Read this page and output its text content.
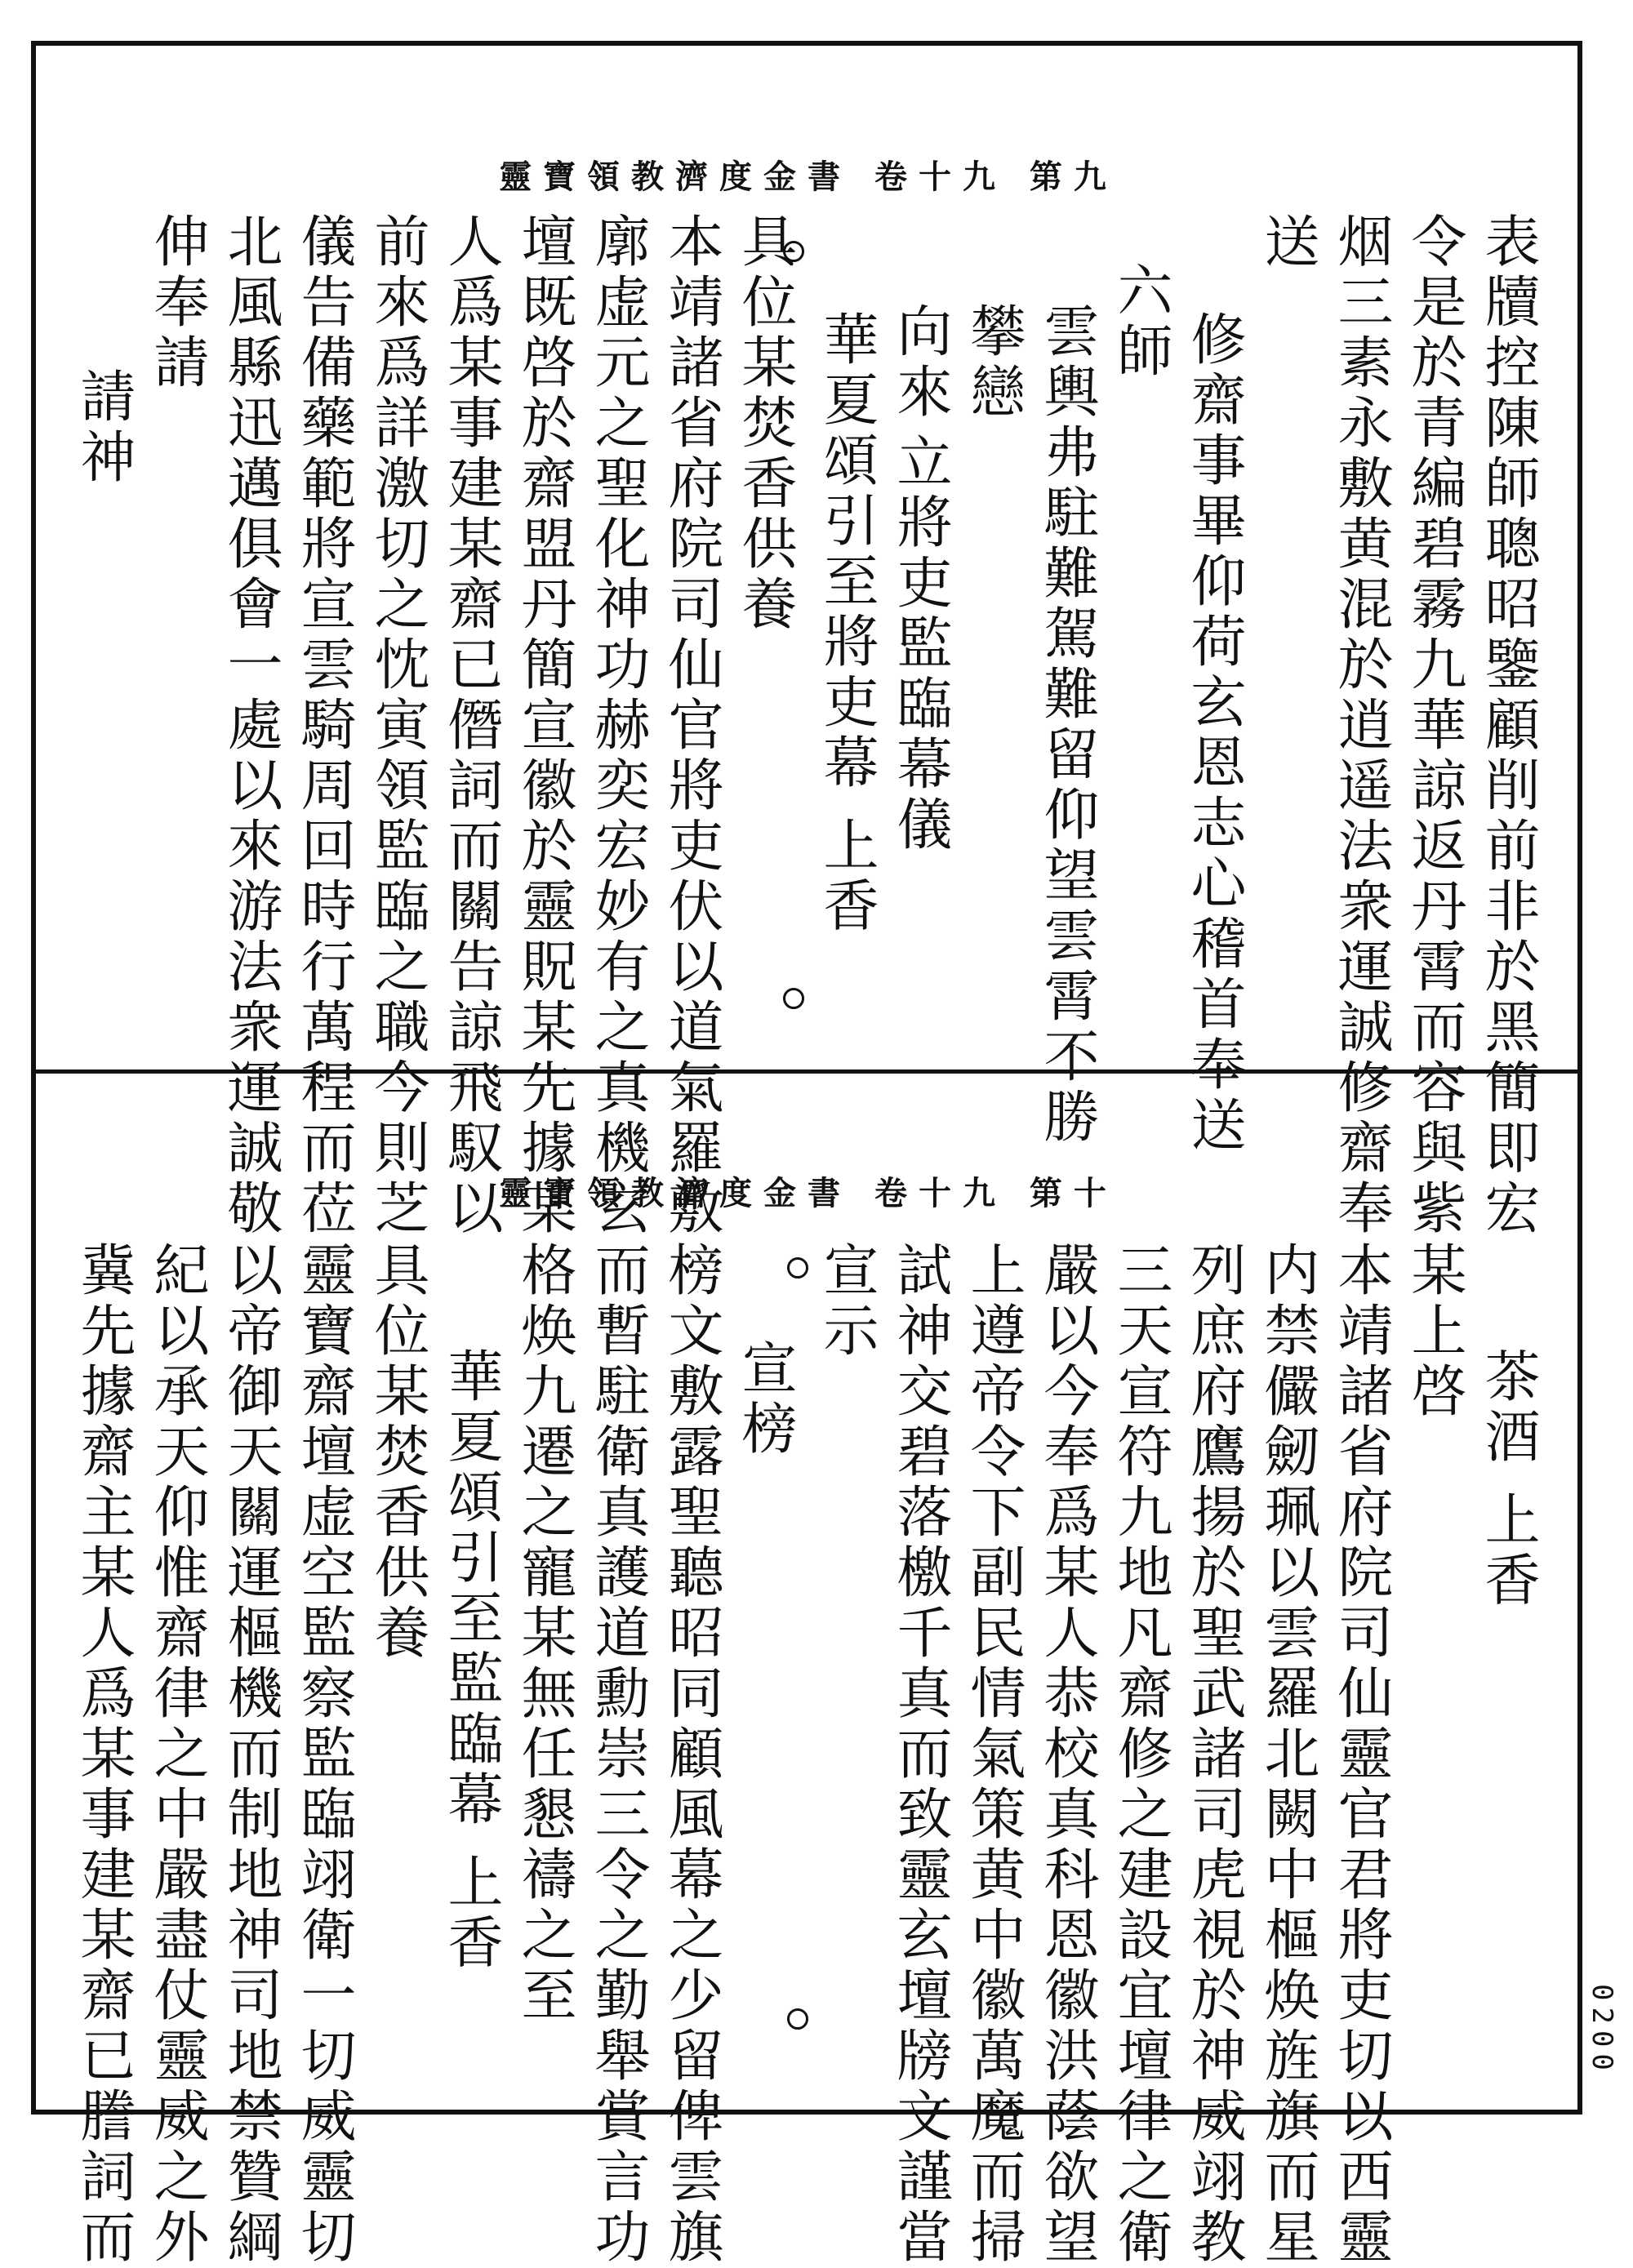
靈寶領教濟度金書 卷十九 第九
表牘控陳師聰昭鑒顧削前非於黑簡即宏
令是於青編碧霧九華諒返丹霄而容與紫
烟三素永敷黄混於逍遥法衆運誠修齋奉
送
修齋事畢仰荷玄恩志心稽首奉送
六師
雲輿弗駐難駕難留仰望雲霄不勝
攀戀
向來
立將吏監臨幕儀
華夏頌引至將吏幕 上香
具位某焚香供養
本靖諸省府院司仙官將吏伏以道氣羅敷
廓虚元之聖化神功赫奕宏妙有之真機玄
壇既啓於齋盟丹簡宣徽於靈貺某先據某
人爲某事建某齋已僭詞而關告諒飛馭以
前來爲詳激切之忱寅領監臨之職今則芝
儀告備藥範將宣雲騎周回時行萬程而莅
北風縣迅邁俱會一處以來游法衆運誠敬
伸奉請
請神
靈寶領教濟度金書 卷十九 第十
茶酒 上香
某上啓
本靖諸省府院司仙靈官君將吏切以西靈
内禁儼劒珮以雲羅北闕中樞焕旌旗而星
列庶府鷹揚於聖武諸司虎視於神威翊教
三天宣符九地凡齋修之建設宜壇律之衛
嚴以今奉爲某人恭校真科恩徽洪蔭欲望
上遵帝令下副民情氣策黄中徽萬魔而掃
試神交碧落檄千真而致靈玄壇牓文謹當
宣示
宣榜
榜文敷露聖聽昭同顧風幕之少留俾雲旗
而暫駐衛真護道勳崇三令之勤舉賞言功
格焕九遷之寵某無任懇禱之至
華夏頌引至監臨幕 上香
具位某焚香供養
靈寶齋壇虚空監察監臨翊衛一切威靈切
以帝御天關運樞機而制地神司地禁贊綱
紀以承天仰惟齋律之中嚴盡仗靈威之外
冀先據齋主某人爲某事建某齋已謄詞而	0200
